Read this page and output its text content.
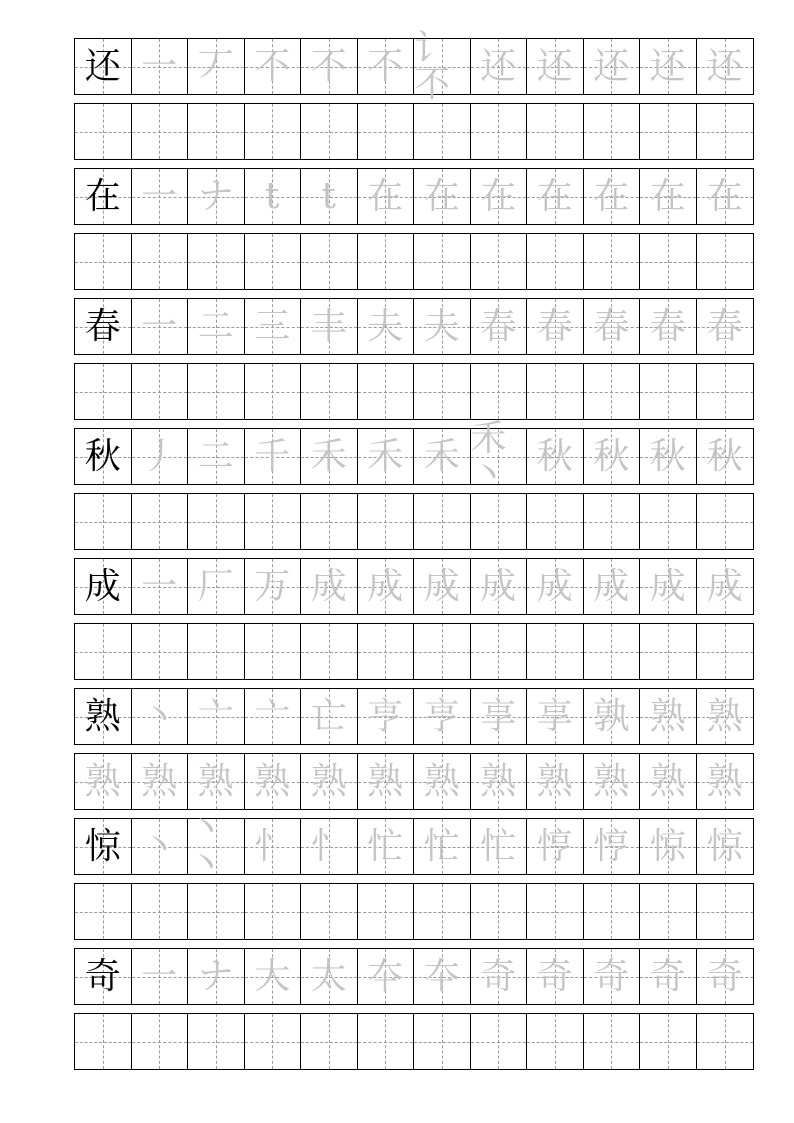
还 一 丆 不 不 不 讠不 还 还 还 还 还
在 一 ナ t t 在 在 在 在 在 在 在
春 一 二 三 丰 夫 夫 春 春 春 春 春
秋 丿 二 千 禾 禾 禾 禾丶 秋 秋 秋 秋
成 一 厂 万 成 成 成 成 成 成 成 成
熟 丶 亠 亠 亡 亨 亨 享 享 孰 熟 熟
熟 熟 熟 熟 熟 熟 熟 熟 熟 熟 熟 熟
惊 丶 丶丶 忄 忄 忙 忙 忙 悙 悙 惊 惊
奇 一 ナ 大 太 夲 夲 奇 奇 奇 奇 奇
